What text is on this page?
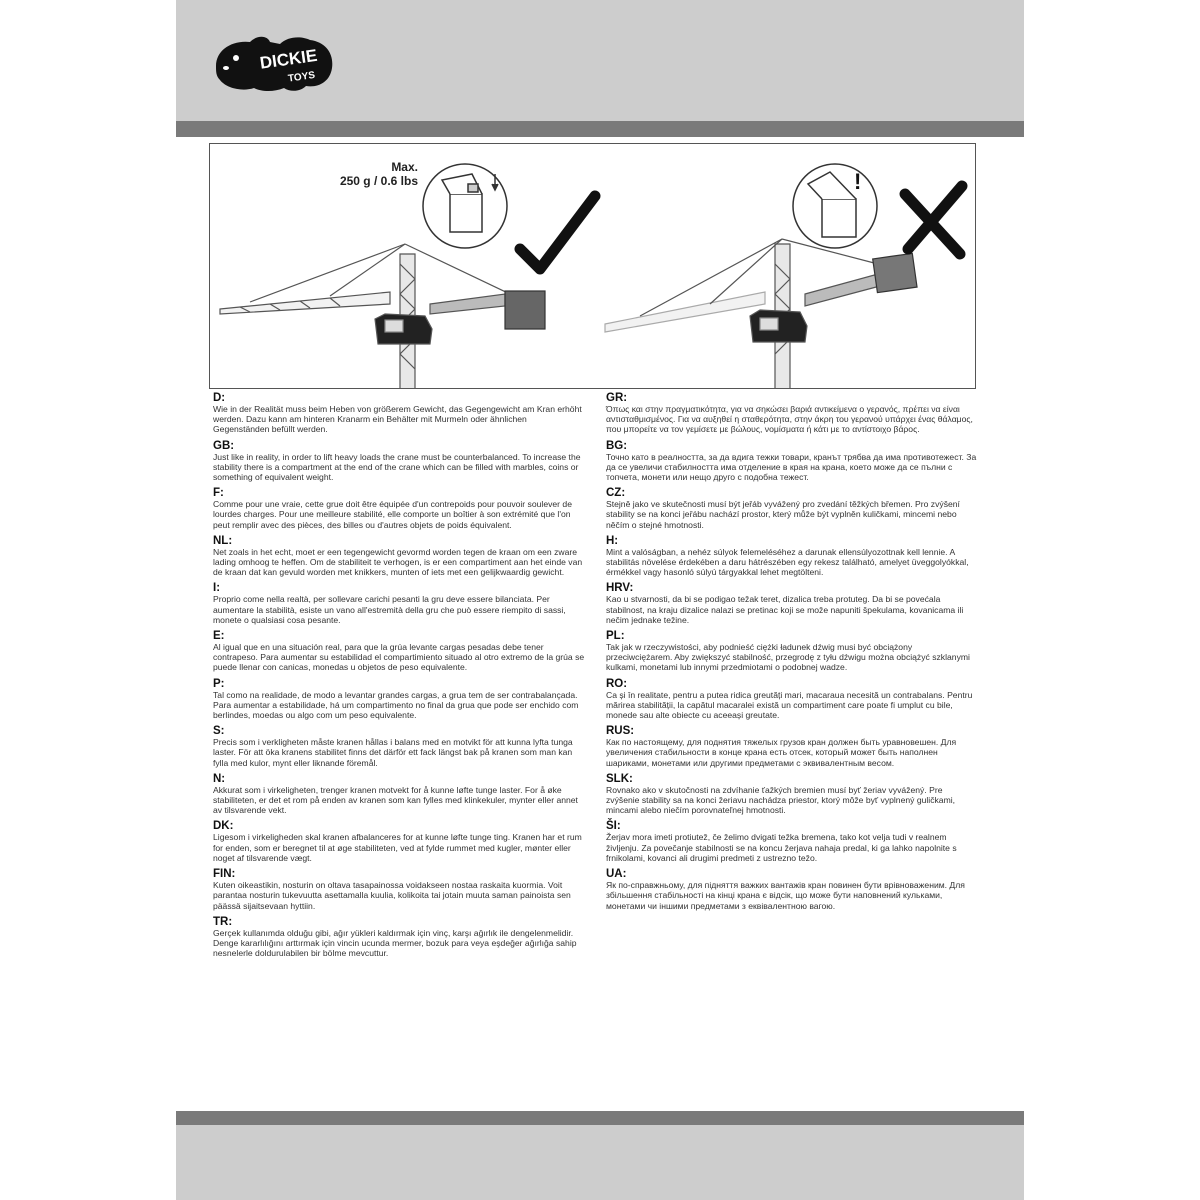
DICKIE
TOYS
Max.
250 g / 0.6 lbs	!
D:
Wie in der Realität muss beim Heben von größerem Gewicht, das Gegengewicht am Kran erhöht werden. Dazu kann am hinteren Kranarm ein Behälter mit Murmeln oder ähnlichen Gegenständen befüllt werden.
GB:
Just like in reality, in order to lift heavy loads the crane must be counterbalanced. To increase the stability there is a compartment at the end of the crane which can be filled with marbles, coins or something of equivalent weight.
F:
Comme pour une vraie, cette grue doit être équipée d'un contrepoids pour pouvoir soulever de lourdes charges. Pour une meilleure stabilité, elle comporte un boîtier à son extrémité que l'on peut remplir avec des pièces, des billes ou d'autres objets de poids équivalent.
NL:
Net zoals in het echt, moet er een tegengewicht gevormd worden tegen de kraan om een zware lading omhoog te heffen. Om de stabiliteit te verhogen, is er een compartiment aan het einde van de kraan dat kan gevuld worden met knikkers, munten of iets met een gelijkwaardig gewicht.
I:
Proprio come nella realtà, per sollevare carichi pesanti la gru deve essere bilanciata. Per aumentare la stabilità, esiste un vano all'estremità della gru che può essere riempito di sassi, monete o qualsiasi cosa pesante.
E:
Al igual que en una situación real, para que la grúa levante cargas pesadas debe tener contrapeso. Para aumentar su estabilidad el compartimiento situado al otro extremo de la grúa se puede llenar con canicas, monedas u objetos de peso equivalente.
P:
Tal como na realidade, de modo a levantar grandes cargas, a grua tem de ser contrabalançada. Para aumentar a estabilidade, há um compartimento no final da grua que pode ser enchido com berlindes, moedas ou algo com um peso equivalente.
S:
Precis som i verkligheten måste kranen hållas i balans med en motvikt för att kunna lyfta tunga laster. För att öka kranens stabilitet finns det därför ett fack längst bak på kranen som man kan fylla med kulor, mynt eller liknande föremål.
N:
Akkurat som i virkeligheten, trenger kranen motvekt for å kunne løfte tunge laster. For å øke stabiliteten, er det et rom på enden av kranen som kan fylles med klinkekuler, mynter eller annet av tilsvarende vekt.
DK:
Ligesom i virkeligheden skal kranen afbalanceres for at kunne løfte tunge ting. Kranen har et rum for enden, som er beregnet til at øge stabiliteten, ved at fylde rummet med kugler, mønter eller noget af tilsvarende vægt.
FIN:
Kuten oikeastikin, nosturin on oltava tasapainossa voidakseen nostaa raskaita kuormia. Voit parantaa nosturin tukevuutta asettamalla kuulia, kolikoita tai jotain muuta saman painoista sen päässä sijaitsevaan hyttiin.
TR:
Gerçek kullanımda olduğu gibi, ağır yükleri kaldırmak için vinç, karşı ağırlık ile dengelenmelidir. Denge kararlılığını arttırmak için vincin ucunda mermer, bozuk para veya eşdeğer ağırlığa sahip nesnelerle doldurulabilen bir bölme mevcuttur.
GR:
Όπως και στην πραγματικότητα, για να σηκώσει βαριά αντικείμενα ο γερανός, πρέπει να είναι αντισταθμισμένος. Για να αυξηθεί η σταθερότητα, στην άκρη του γερανού υπάρχει ένας θάλαμος, που μπορείτε να τον γεμίσετε με βώλους, νομίσματα ή κάτι με το αντίστοιχο βάρος.
BG:
Точно като в реалността, за да вдига тежки товари, кранът трябва да има противотежест. За да се увеличи стабилността има отделение в края на крана, което може да се пълни с топчета, монети или нещо друго с подобна тежест.
CZ:
Stejně jako ve skutečnosti musí být jeřáb vyvážený pro zvedání těžkých břemen. Pro zvýšení stability se na konci jeřábu nachází prostor, který může být vyplněn kuličkami, mincemi nebo něčím o stejné hmotnosti.
H:
Mint a valóságban, a nehéz súlyok felemeléséhez a darunak ellensúlyozottnak kell lennie. A stabilitás növelése érdekében a daru hátrészében egy rekesz található, amelyet üveggolyókkal, érmékkel vagy hasonló súlyú tárgyakkal lehet megtölteni.
HRV:
Kao u stvarnosti, da bi se podigao težak teret, dizalica treba protuteg. Da bi se povećala stabilnost, na kraju dizalice nalazi se pretinac koji se može napuniti špekulama, kovanicama ili nečim jednake težine.
PL:
Tak jak w rzeczywistości, aby podnieść ciężki ładunek dźwig musi być obciążony przeciwciężarem. Aby zwiększyć stabilność, przegrodę z tyłu dźwigu można obciążyć szklanymi kulkami, monetami lub innymi przedmiotami o podobnej wadze.
RO:
Ca și în realitate, pentru a putea ridica greutăți mari, macaraua necesită un contrabalans. Pentru mărirea stabilității, la capătul macaralei există un compartiment care poate fi umplut cu bile, monede sau alte obiecte cu aceeași greutate.
RUS:
Как по настоящему, для поднятия тяжелых грузов кран должен быть уравновешен. Для увеличения стабильности в конце крана есть отсек, который может быть наполнен шариками, монетами или другими предметами с эквивалентным весом.
SLK:
Rovnako ako v skutočnosti na zdvíhanie ťažkých bremien musí byť žeriav vyvážený. Pre zvýšenie stability sa na konci žeriavu nachádza priestor, ktorý môže byť vyplnený guličkami, mincami alebo niečím porovnateľnej hmotnosti.
ŠI:
Žerjav mora imeti protiutež, če želimo dvigati težka bremena, tako kot velja tudi v realnem življenju. Za povečanje stabilnosti se na koncu žerjava nahaja predal, ki ga lahko napolnite s frnikolami, kovanci ali drugimi predmeti z ustrezno težo.
UA:
Як по-справжньому, для підняття важких вантажів кран повинен бути врівноваженим. Для збільшення стабільності на кінці крана є відсік, що може бути наповнений кульками, монетами чи іншими предметами з еквівалентною вагою.
